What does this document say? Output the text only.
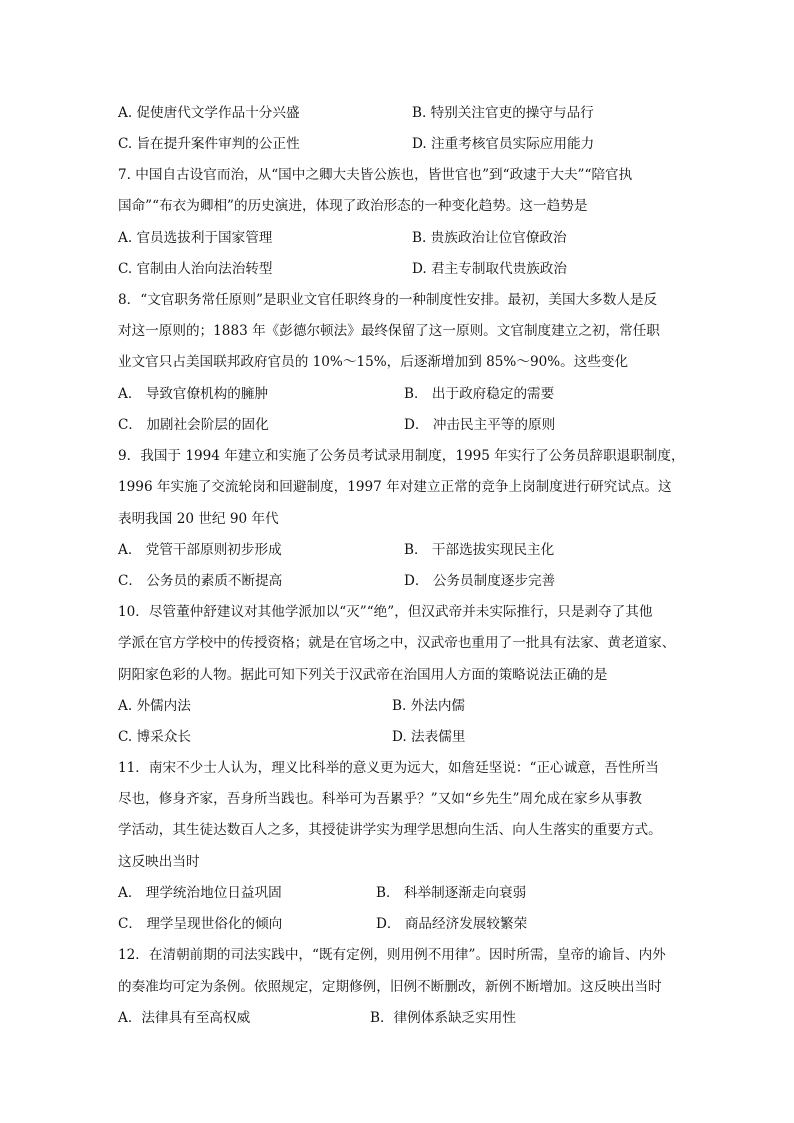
A. 促使唐代文学作品十分兴盛	B. 特别关注官吏的操守与品行
C. 旨在提升案件审判的公正性	D. 注重考核官员实际应用能力
7. 中国自古设官而治，从“国中之卿大夫皆公族也，皆世官也”到“政逮于大夫”“陪官执
国命”“布衣为卿相”的历史演进，体现了政治形态的一种变化趋势。这一趋势是
A. 官员选拔利于国家管理	B. 贵族政治让位官僚政治
C. 官制由人治向法治转型	D. 君主专制取代贵族政治
8．“文官职务常任原则”是职业文官任职终身的一种制度性安排。最初，美国大多数人是反
对这一原则的；1883 年《彭德尔顿法》最终保留了这一原则。文官制度建立之初，常任职
业文官只占美国联邦政府官员的 10%～15%，后逐渐增加到 85%～90%。这些变化
A． 导致官僚机构的臃肿	B． 出于政府稳定的需要
C． 加剧社会阶层的固化	D． 冲击民主平等的原则
9．我国于 1994 年建立和实施了公务员考试录用制度，1995 年实行了公务员辞职退职制度，
1996 年实施了交流轮岗和回避制度，1997 年对建立正常的竞争上岗制度进行研究试点。这
表明我国 20 世纪 90 年代
A． 党管干部原则初步形成	B． 干部选拔实现民主化
C． 公务员的素质不断提高	D． 公务员制度逐步完善
10．尽管董仲舒建议对其他学派加以“灭”“绝”，但汉武帝并未实际推行，只是剥夺了其他
学派在官方学校中的传授资格；就是在官场之中，汉武帝也重用了一批具有法家、黄老道家、
阴阳家色彩的人物。据此可知下列关于汉武帝在治国用人方面的策略说法正确的是
A. 外儒内法	B. 外法内儒
C. 博采众长	D. 法表儒里
11．南宋不少士人认为，理义比科举的意义更为远大，如詹廷坚说：“正心诚意，吾性所当
尽也，修身齐家，吾身所当践也。科举可为吾累乎？”又如“乡先生”周允成在家乡从事教
学活动，其生徒达数百人之多，其授徒讲学实为理学思想向生活、向人生落实的重要方式。
这反映出当时
A． 理学统治地位日益巩固	B． 科举制逐渐走向衰弱
C． 理学呈现世俗化的倾向	D． 商品经济发展较繁荣
12．在清朝前期的司法实践中，“既有定例，则用例不用律”。因时所需，皇帝的谕旨、内外
的奏准均可定为条例。依照规定，定期修例，旧例不断删改，新例不断增加。这反映出当时
A．法律具有至高权威	B．律例体系缺乏实用性
